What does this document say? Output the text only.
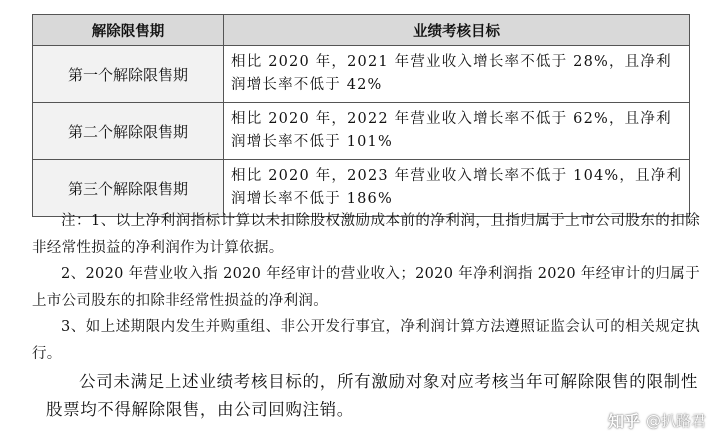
解除限售期	业绩考核目标
第一个解除限售期	相比 2020 年，2021 年营业收入增长率不低于 28%，且净利润增长率不低于 42%
第二个解除限售期	相比 2020 年，2022 年营业收入增长率不低于 62%，且净利润增长率不低于 101%
第三个解除限售期	相比 2020 年，2023 年营业收入增长率不低于 104%，且净利润增长率不低于 186%

注：1、以上净利润指标计算以未扣除股权激励成本前的净利润，且指归属于上市公司股东的扣除非经常性损益的净利润作为计算依据。

2、2020 年营业收入指 2020 年经审计的营业收入；2020 年净利润指 2020 年经审计的归属于上市公司股东的扣除非经常性损益的净利润。

3、如上述期限内发生并购重组、非公开发行事宜，净利润计算方法遵照证监会认可的相关规定执行。

公司未满足上述业绩考核目标的，所有激励对象对应考核当年可解除限售的限制性股票均不得解除限售，由公司回购注销。
知乎 @扒路君
